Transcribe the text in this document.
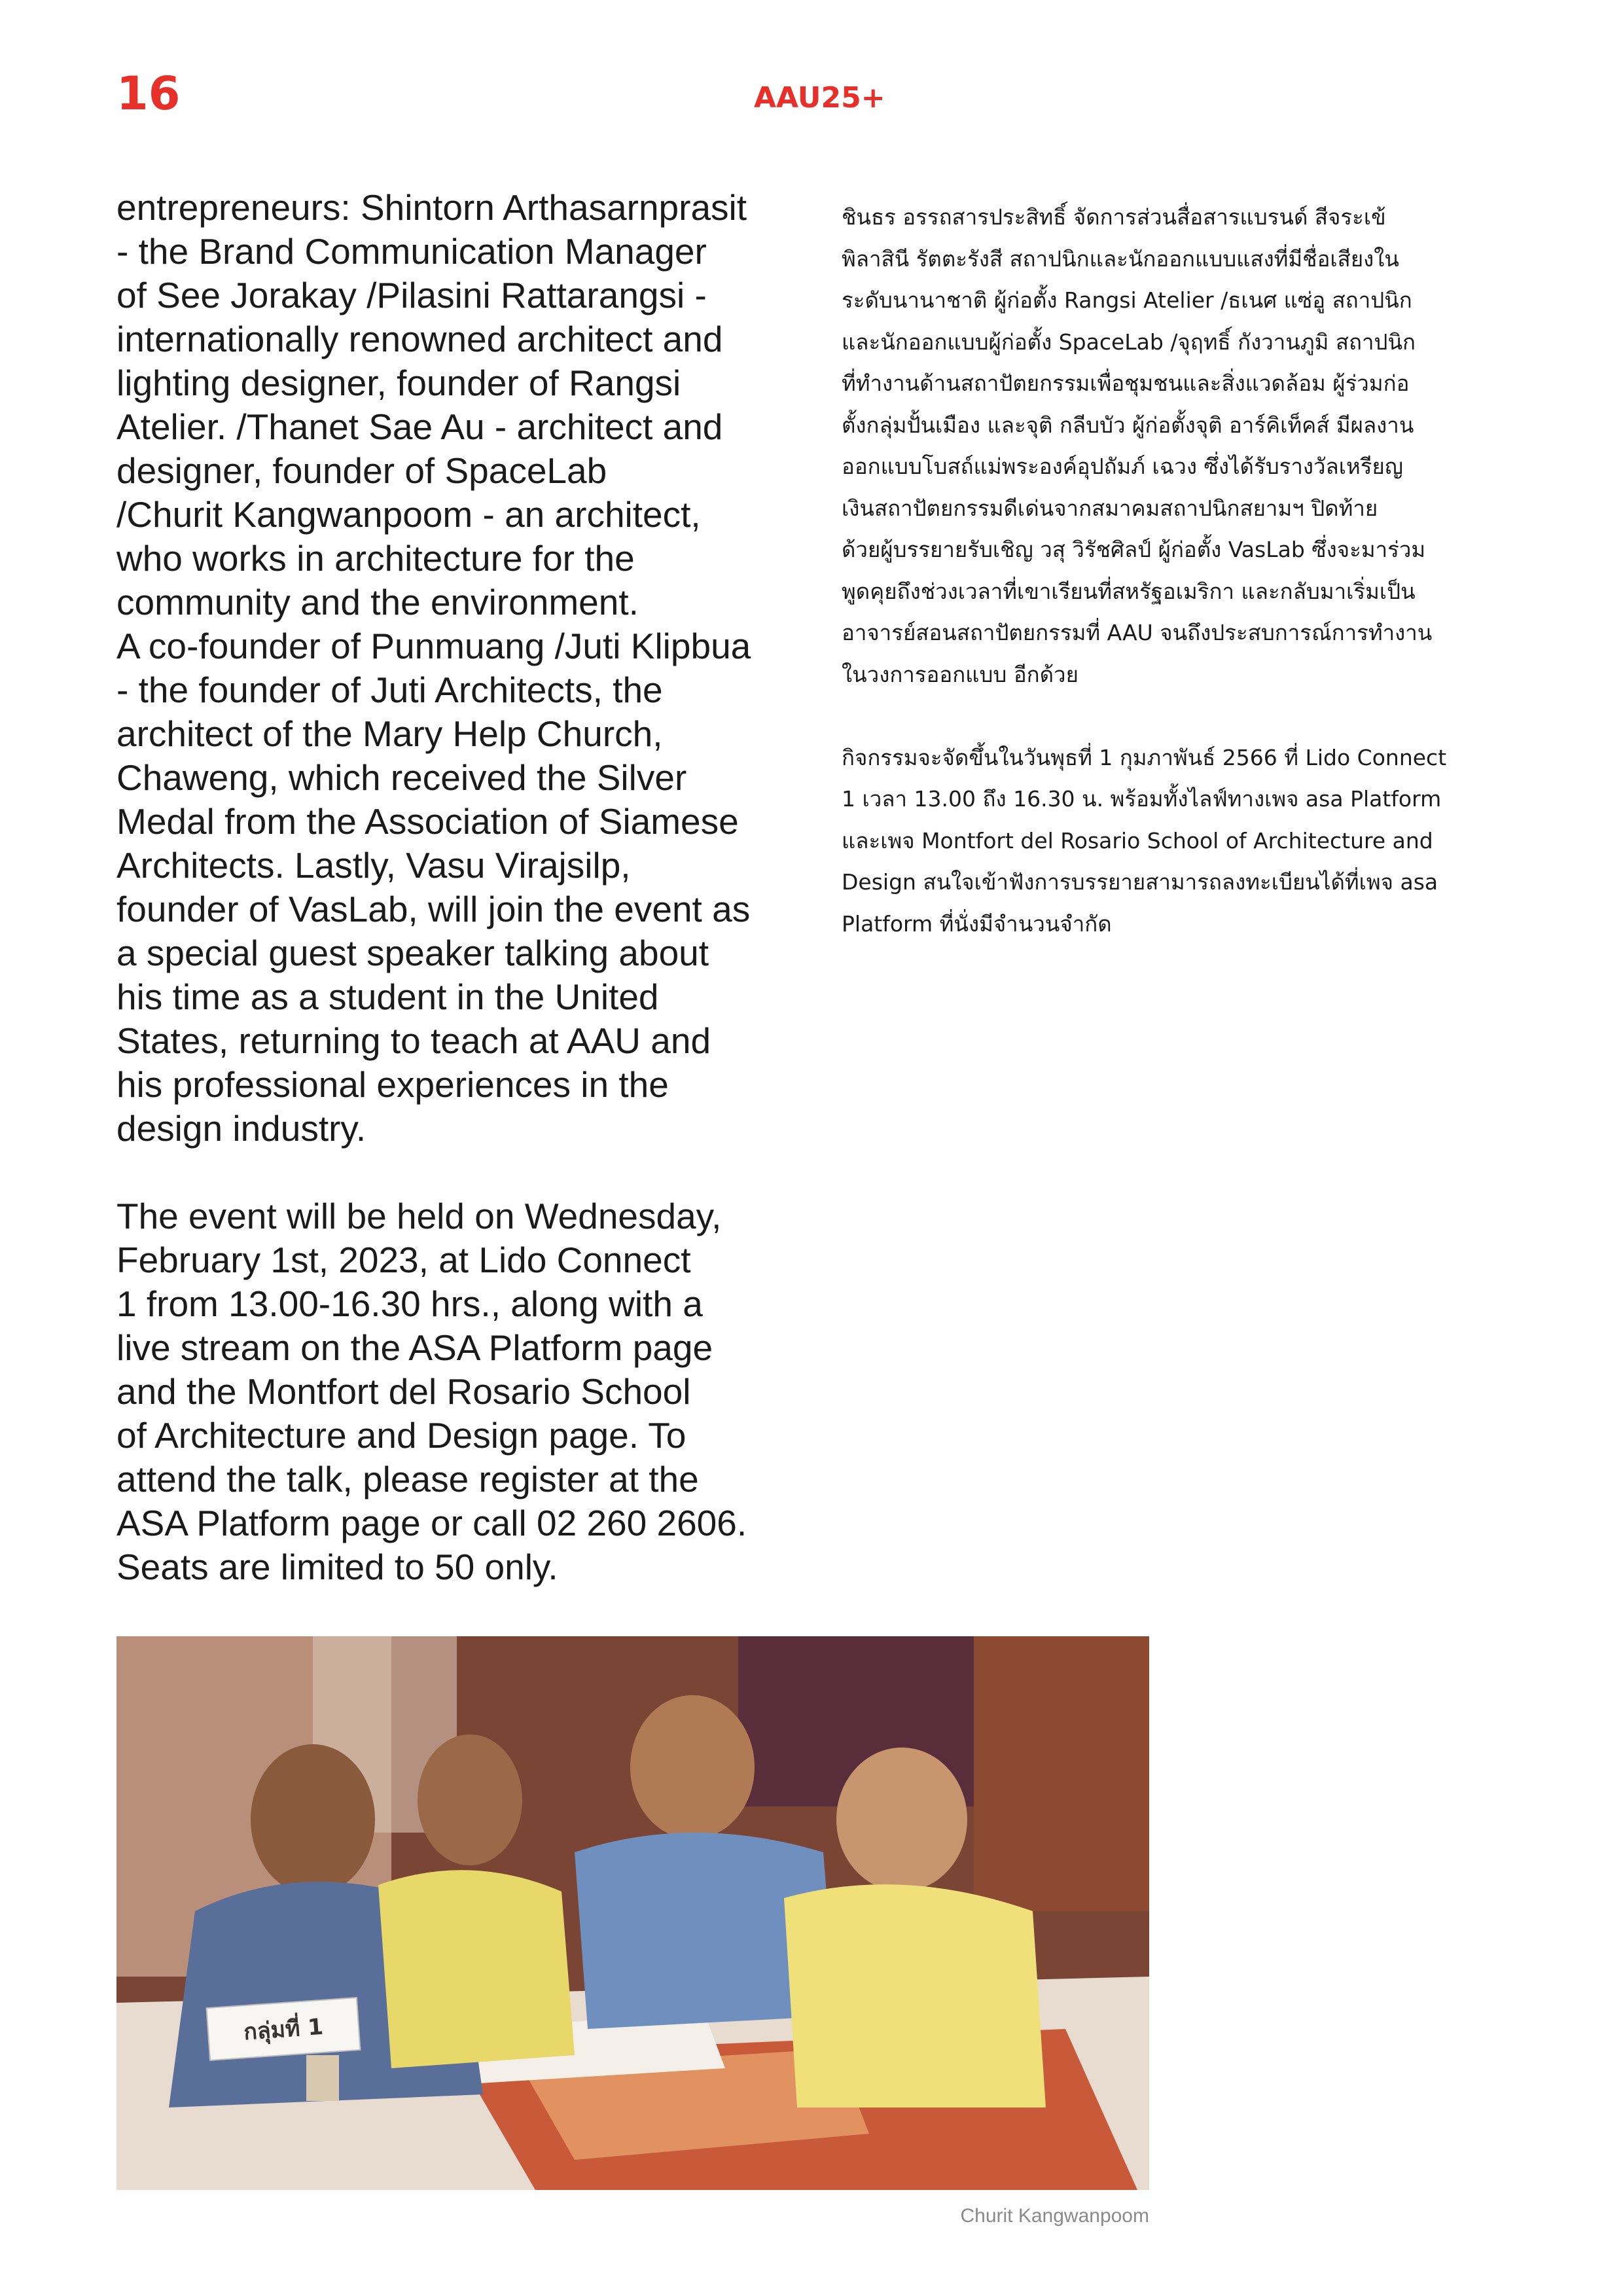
16	AAU25+

entrepreneurs: Shintorn Arthasarnprasit
- the Brand Communication Manager
of See Jorakay /Pilasini Rattarangsi -
internationally renowned architect and
lighting designer, founder of Rangsi
Atelier. /Thanet Sae Au - architect and
designer, founder of SpaceLab
/Churit Kangwanpoom - an architect,
who works in architecture for the
community and the environment.
A co-founder of Punmuang /Juti Klipbua
- the founder of Juti Architects, the
architect of the Mary Help Church,
Chaweng, which received the Silver
Medal from the Association of Siamese
Architects. Lastly, Vasu Virajsilp,
founder of VasLab, will join the event as
a special guest speaker talking about
his time as a student in the United
States, returning to teach at AAU and
his professional experiences in the
design industry.

The event will be held on Wednesday,
February 1st, 2023, at Lido Connect
1 from 13.00-16.30 hrs., along with a
live stream on the ASA Platform page
and the Montfort del Rosario School
of Architecture and Design page. To
attend the talk, please register at the
ASA Platform page or call 02 260 2606.
Seats are limited to 50 only.

ชินธร อรรถสารประสิทธิ์ จัดการส่วนสื่อสารแบรนด์ สีจระเข้
พิลาสินี รัตตะรังสี สถาปนิกและนักออกแบบแสงที่มีชื่อเสียงใน
ระดับนานาชาติ ผู้ก่อตั้ง Rangsi Atelier /ธเนศ แซ่อู สถาปนิก
และนักออกแบบผู้ก่อตั้ง SpaceLab /จุฤทธิ์ กังวานภูมิ สถาปนิก
ที่ทำงานด้านสถาปัตยกรรมเพื่อชุมชนและสิ่งแวดล้อม ผู้ร่วมก่อ
ตั้งกลุ่มปั้นเมือง และจุติ กลีบบัว ผู้ก่อตั้งจุติ อาร์คิเท็คส์ มีผลงาน
ออกแบบโบสถ์แม่พระองค์อุปถัมภ์ เฉวง ซึ่งได้รับรางวัลเหรียญ
เงินสถาปัตยกรรมดีเด่นจากสมาคมสถาปนิกสยามฯ ปิดท้าย
ด้วยผู้บรรยายรับเชิญ วสุ วิรัชศิลป์ ผู้ก่อตั้ง VasLab ซึ่งจะมาร่วม
พูดคุยถึงช่วงเวลาที่เขาเรียนที่สหรัฐอเมริกา และกลับมาเริ่มเป็น
อาจารย์สอนสถาปัตยกรรมที่ AAU จนถึงประสบการณ์การทำงาน
ในวงการออกแบบ อีกด้วย

กิจกรรมจะจัดขึ้นในวันพุธที่ 1 กุมภาพันธ์ 2566 ที่ Lido Connect
1 เวลา 13.00 ถึง 16.30 น. พร้อมทั้งไลฟ์ทางเพจ asa Platform
และเพจ Montfort del Rosario School of Architecture and
Design สนใจเข้าฟังการบรรยายสามารถลงทะเบียนได้ที่เพจ asa
Platform ที่นั่งมีจำนวนจำกัด

กลุ่มที่ 1
Churit Kangwanpoom
